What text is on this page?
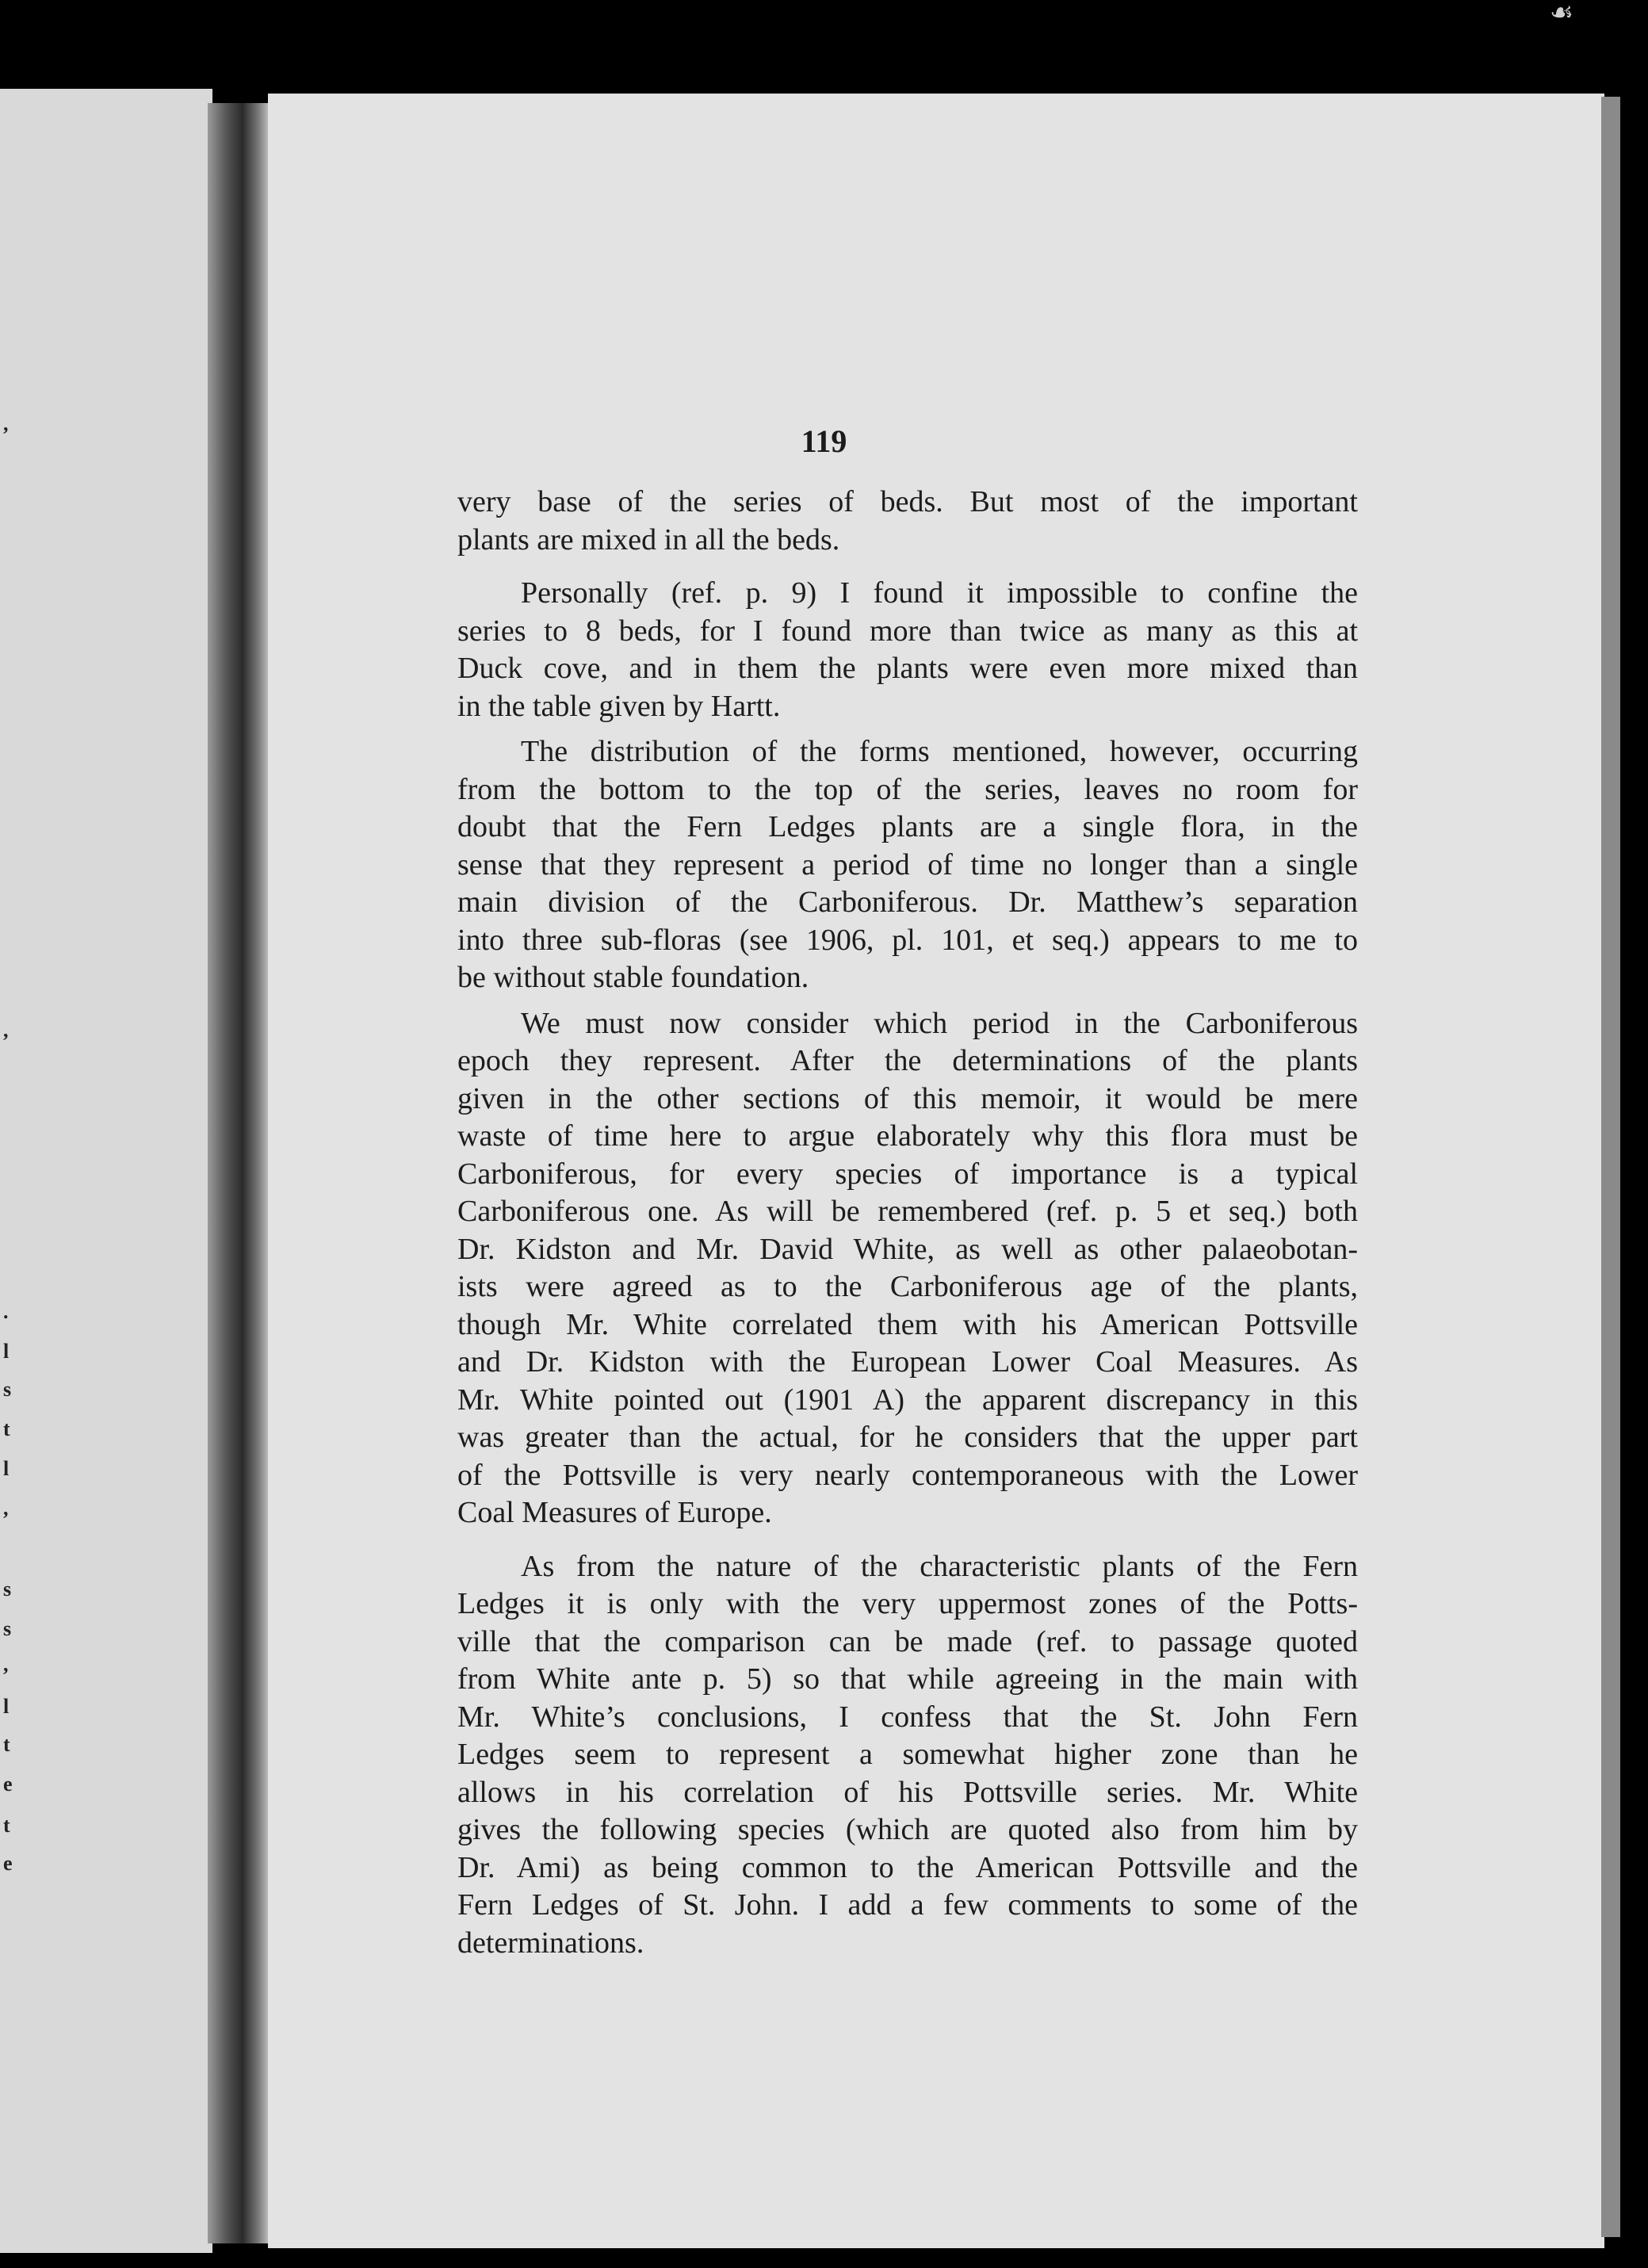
,
,
.
l
s
t
l
,
s
s
,
l
t
e
t
e
☙
119
very base of the series of beds. But most of the important
plants are mixed in all the beds.
Personally (ref. p. 9) I found it impossible to confine the
series to 8 beds, for I found more than twice as many as this at
Duck cove, and in them the plants were even more mixed than
in the table given by Hartt.
The distribution of the forms mentioned, however, occurring
from the bottom to the top of the series, leaves no room for
doubt that the Fern Ledges plants are a single flora, in the
sense that they represent a period of time no longer than a single
main division of the Carboniferous. Dr. Matthew’s separation
into three sub-floras (see 1906, pl. 101, et seq.) appears to me to
be without stable foundation.
We must now consider which period in the Carboniferous
epoch they represent. After the determinations of the plants
given in the other sections of this memoir, it would be mere
waste of time here to argue elaborately why this flora must be
Carboniferous, for every species of importance is a typical
Carboniferous one. As will be remembered (ref. p. 5 et seq.) both
Dr. Kidston and Mr. David White, as well as other palaeobotan-
ists were agreed as to the Carboniferous age of the plants,
though Mr. White correlated them with his American Pottsville
and Dr. Kidston with the European Lower Coal Measures. As
Mr. White pointed out (1901 A) the apparent discrepancy in this
was greater than the actual, for he considers that the upper part
of the Pottsville is very nearly contemporaneous with the Lower
Coal Measures of Europe.
As from the nature of the characteristic plants of the Fern
Ledges it is only with the very uppermost zones of the Potts-
ville that the comparison can be made (ref. to passage quoted
from White ante p. 5) so that while agreeing in the main with
Mr. White’s conclusions, I confess that the St. John Fern
Ledges seem to represent a somewhat higher zone than he
allows in his correlation of his Pottsville series. Mr. White
gives the following species (which are quoted also from him by
Dr. Ami) as being common to the American Pottsville and the
Fern Ledges of St. John. I add a few comments to some of the
determinations.
